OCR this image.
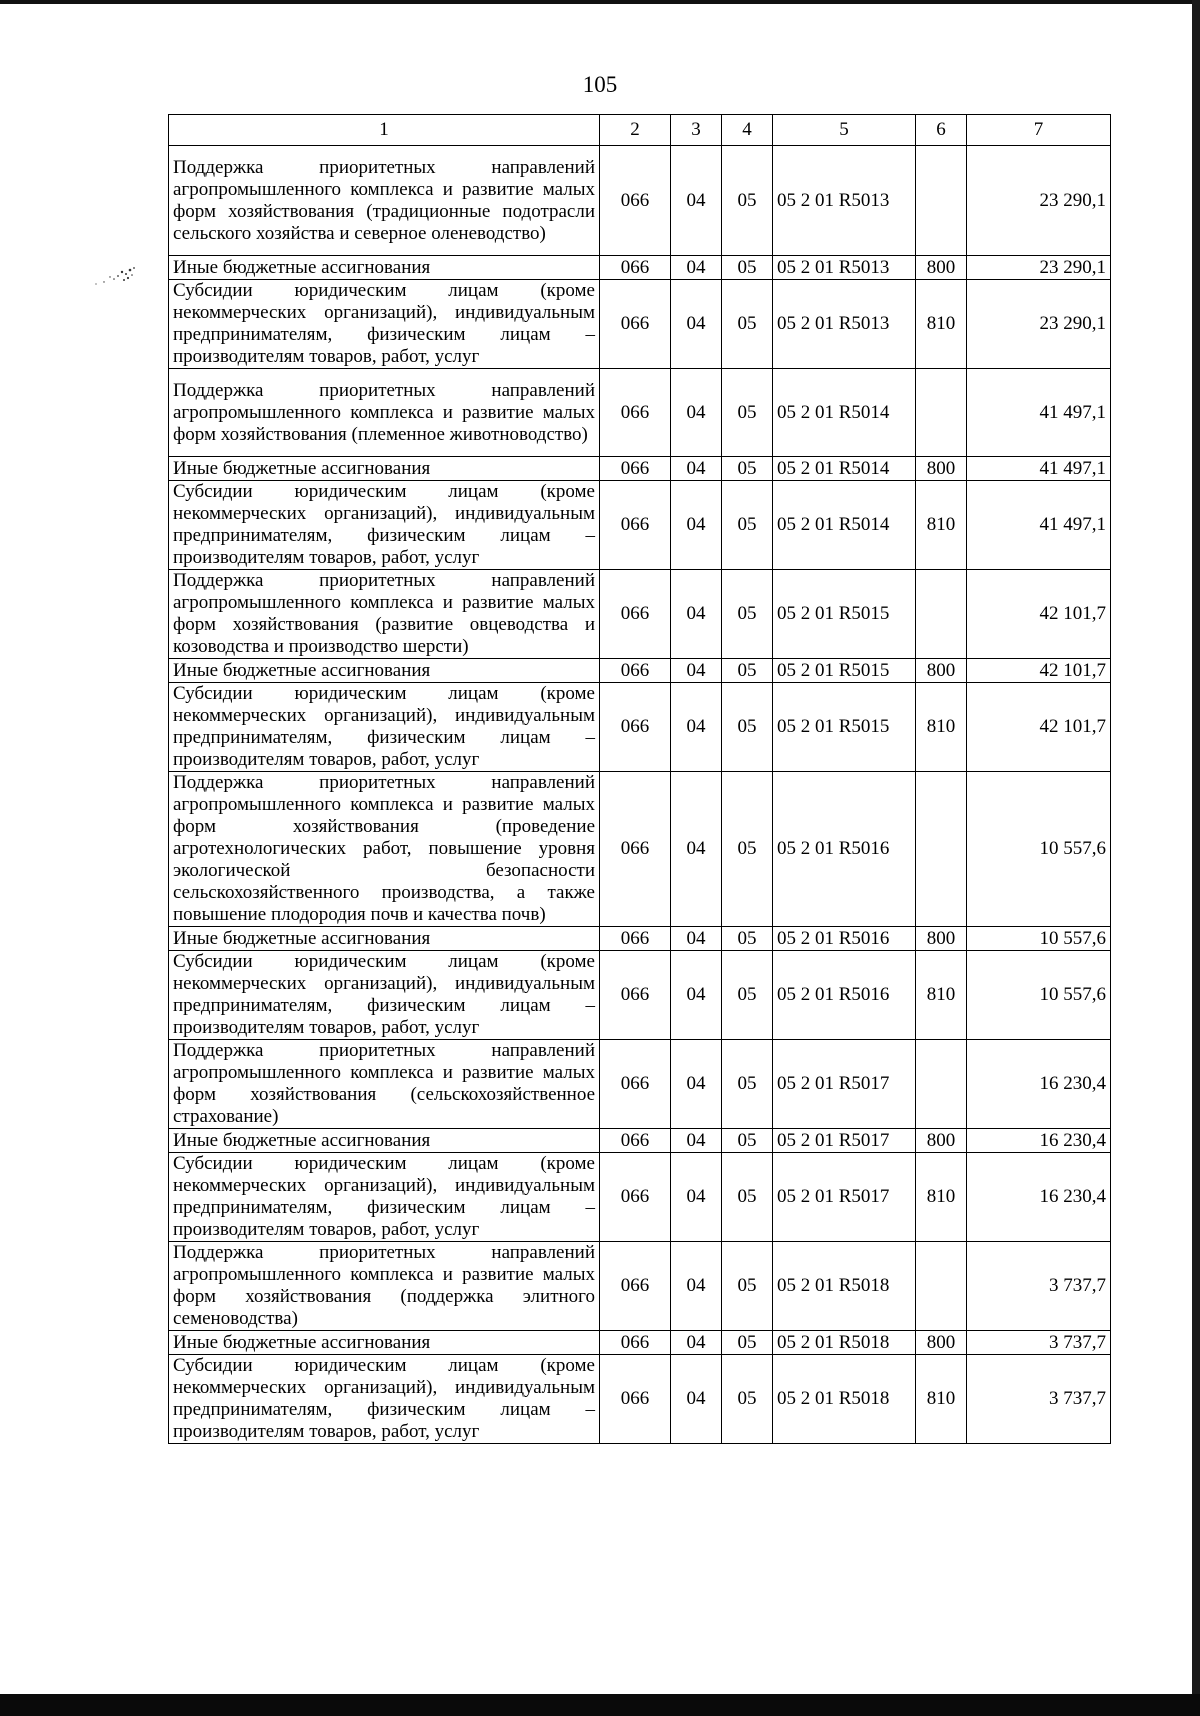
105
1	2	3	4	5	6	7
Поддержка приоритетных направлений агропромышленного комплекса и развитие малых форм хозяйствования (традиционные подотрасли сельского хозяйства и северное оленеводство)	066	04	05	05 2 01 R5013		23 290,1
Иные бюджетные ассигнования	066	04	05	05 2 01 R5013	800	23 290,1
Субсидии юридическим лицам (кроме некоммерческих организаций), индивидуальным предпринимателям, физическим лицам – производителям товаров, работ, услуг	066	04	05	05 2 01 R5013	810	23 290,1
Поддержка приоритетных направлений агропромышленного комплекса и развитие малых форм хозяйствования (племенное животноводство)	066	04	05	05 2 01 R5014		41 497,1
Иные бюджетные ассигнования	066	04	05	05 2 01 R5014	800	41 497,1
Субсидии юридическим лицам (кроме некоммерческих организаций), индивидуальным предпринимателям, физическим лицам – производителям товаров, работ, услуг	066	04	05	05 2 01 R5014	810	41 497,1
Поддержка приоритетных направлений агропромышленного комплекса и развитие малых форм хозяйствования (развитие овцеводства и козоводства и производство шерсти)	066	04	05	05 2 01 R5015		42 101,7
Иные бюджетные ассигнования	066	04	05	05 2 01 R5015	800	42 101,7
Субсидии юридическим лицам (кроме некоммерческих организаций), индивидуальным предпринимателям, физическим лицам – производителям товаров, работ, услуг	066	04	05	05 2 01 R5015	810	42 101,7
Поддержка приоритетных направлений агропромышленного комплекса и развитие малых форм хозяйствования (проведение агротехнологических работ, повышение уровня экологической безопасности сельскохозяйственного производства, а также повышение плодородия почв и качества почв)	066	04	05	05 2 01 R5016		10 557,6
Иные бюджетные ассигнования	066	04	05	05 2 01 R5016	800	10 557,6
Субсидии юридическим лицам (кроме некоммерческих организаций), индивидуальным предпринимателям, физическим лицам – производителям товаров, работ, услуг	066	04	05	05 2 01 R5016	810	10 557,6
Поддержка приоритетных направлений агропромышленного комплекса и развитие малых форм хозяйствования (сельскохозяйственное страхование)	066	04	05	05 2 01 R5017		16 230,4
Иные бюджетные ассигнования	066	04	05	05 2 01 R5017	800	16 230,4
Субсидии юридическим лицам (кроме некоммерческих организаций), индивидуальным предпринимателям, физическим лицам – производителям товаров, работ, услуг	066	04	05	05 2 01 R5017	810	16 230,4
Поддержка приоритетных направлений агропромышленного комплекса и развитие малых форм хозяйствования (поддержка элитного семеноводства)	066	04	05	05 2 01 R5018		3 737,7
Иные бюджетные ассигнования	066	04	05	05 2 01 R5018	800	3 737,7
Субсидии юридическим лицам (кроме некоммерческих организаций), индивидуальным предпринимателям, физическим лицам – производителям товаров, работ, услуг	066	04	05	05 2 01 R5018	810	3 737,7
